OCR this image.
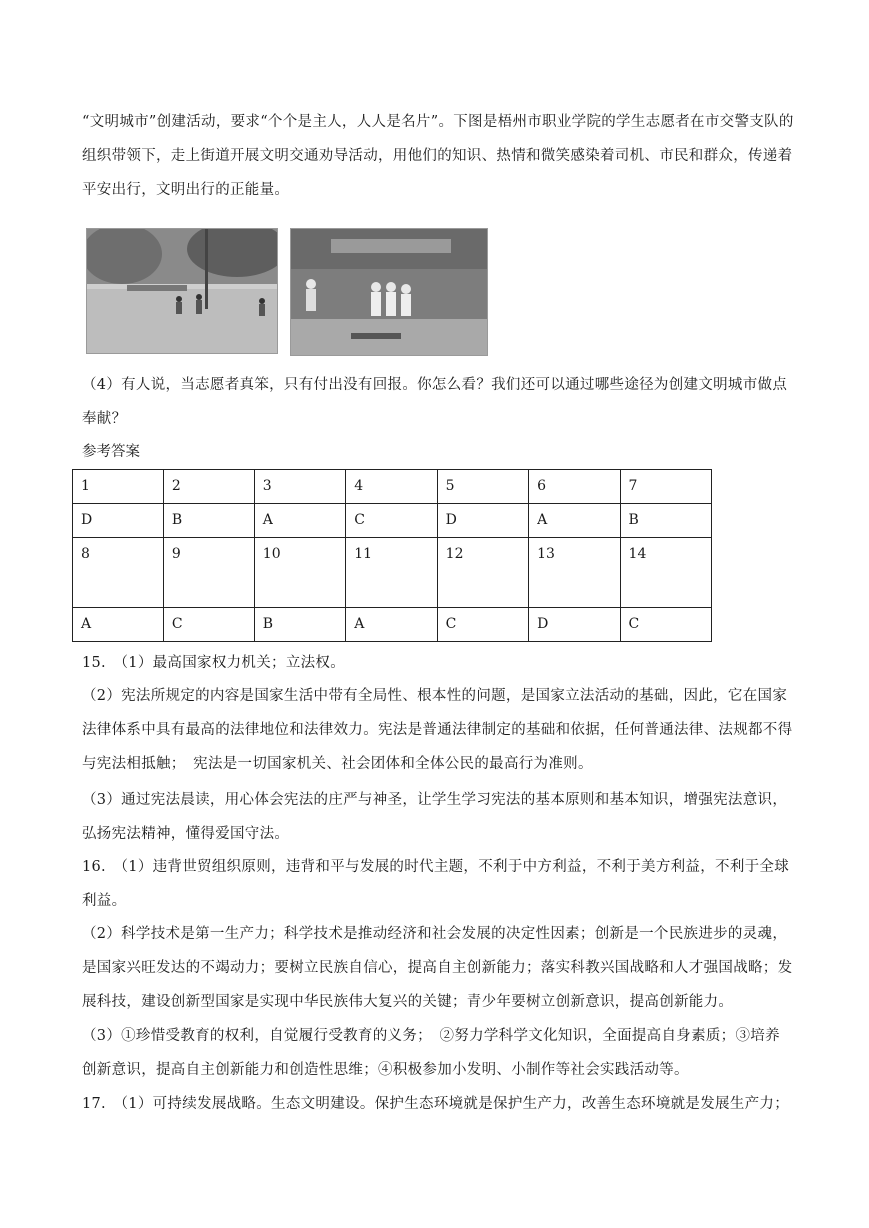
“文明城市”创建活动，要求“个个是主人，人人是名片”。下图是梧州市职业学院的学生志愿者在市交警支队的组织带领下，走上街道开展文明交通劝导活动，用他们的知识、热情和微笑感染着司机、市民和群众，传递着平安出行，文明出行的正能量。
（4）有人说，当志愿者真笨，只有付出没有回报。你怎么看？我们还可以通过哪些途径为创建文明城市做点奉献？
参考答案
1	2	3	4	5	6	7
D	B	A	C	D	A	B
8	9	10	11	12	13	14
A	C	B	A	C	D	C
15.　（1）最高国家权力机关；立法权。
（2）宪法所规定的内容是国家生活中带有全局性、根本性的问题，是国家立法活动的基础，因此，它在国家法律体系中具有最高的法律地位和法律效力。宪法是普通法律制定的基础和依据，任何普通法律、法规都不得与宪法相抵触；　宪法是一切国家机关、社会团体和全体公民的最高行为准则。
（3）通过宪法晨读，用心体会宪法的庄严与神圣，让学生学习宪法的基本原则和基本知识，增强宪法意识，弘扬宪法精神，懂得爱国守法。
16.　（1）违背世贸组织原则，违背和平与发展的时代主题，不利于中方利益，不利于美方利益，不利于全球利益。
（2）科学技术是第一生产力；科学技术是推动经济和社会发展的决定性因素；创新是一个民族进步的灵魂，是国家兴旺发达的不竭动力；要树立民族自信心，提高自主创新能力；落实科教兴国战略和人才强国战略；发展科技，建设创新型国家是实现中华民族伟大复兴的关键；青少年要树立创新意识，提高创新能力。
（3）①珍惜受教育的权利，自觉履行受教育的义务；　②努力学科学文化知识，全面提高自身素质；③培养创新意识，提高自主创新能力和创造性思维；④积极参加小发明、小制作等社会实践活动等。
17.　（1）可持续发展战略。生态文明建设。保护生态环境就是保护生产力，改善生态环境就是发展生产力；
